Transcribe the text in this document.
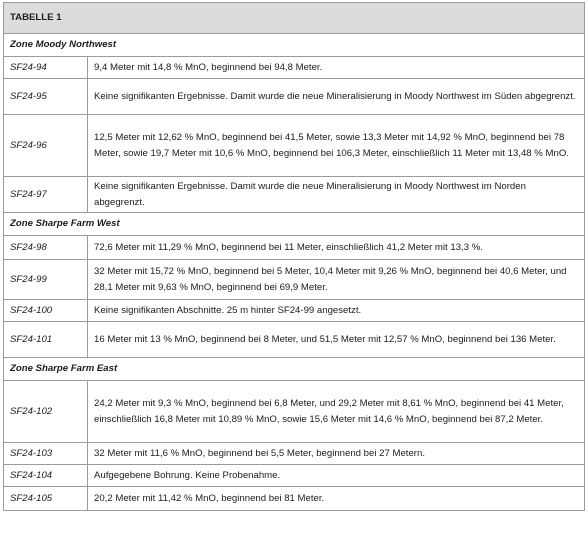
TABELLE 1	
Zone Moody Northwest	
SF24-94	9,4 Meter mit 14,8 % MnO, beginnend bei 94,8 Meter.
SF24-95	Keine signifikanten Ergebnisse. Damit wurde die neue Mineralisierung in Moody Northwest im Süden abgegrenzt.
SF24-96	12,5 Meter mit 12,62 % MnO, beginnend bei 41,5 Meter, sowie 13,3 Meter mit 14,92 % MnO, beginnend bei 78 Meter, sowie 19,7 Meter mit 10,6 % MnO, beginnend bei 106,3 Meter, einschließlich 11 Meter mit 13,48 % MnO.
SF24-97	Keine signifikanten Ergebnisse. Damit wurde die neue Mineralisierung in Moody Northwest im Norden abgegrenzt.
Zone Sharpe Farm West	
SF24-98	72,6 Meter mit 11,29 % MnO, beginnend bei 11 Meter, einschließlich 41,2 Meter mit 13,3 %.
SF24-99	32 Meter mit 15,72 % MnO, beginnend bei 5 Meter, 10,4 Meter mit 9,26 % MnO, beginnend bei 40,6 Meter, und 28,1 Meter mit 9,63 % MnO, beginnend bei 69,9 Meter.
SF24-100	Keine signifikanten Abschnitte. 25 m hinter SF24-99 angesetzt.
SF24-101	16 Meter mit 13 % MnO, beginnend bei 8 Meter, und 51,5 Meter mit 12,57 % MnO, beginnend bei 136 Meter.
Zone Sharpe Farm East	
SF24-102	24,2 Meter mit 9,3 % MnO, beginnend bei 6,8 Meter, und 29,2 Meter mit 8,61 % MnO, beginnend bei 41 Meter, einschließlich 16,8 Meter mit 10,89 % MnO, sowie 15,6 Meter mit 14,6 % MnO, beginnend bei 87,2 Meter.
SF24-103	32 Meter mit 11,6 % MnO, beginnend bei 5,5 Meter, beginnend bei 27 Metern.
SF24-104	Aufgegebene Bohrung. Keine Probenahme.
SF24-105	20,2 Meter mit 11,42 % MnO, beginnend bei 81 Meter.
